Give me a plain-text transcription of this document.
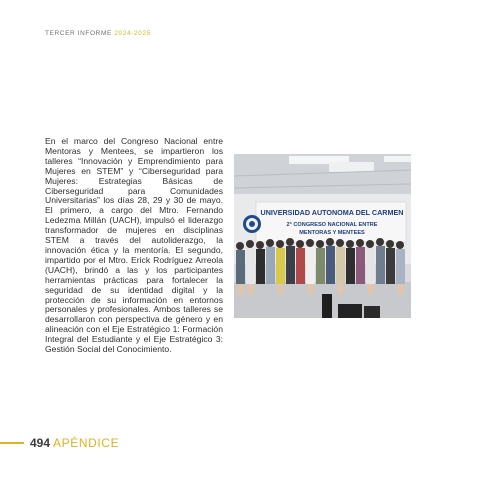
TERCER INFORME 2024-2025

En el marco del Congreso Nacional entre Mentoras y Mentees, se impartieron los talleres “Innovación y Emprendimiento para Mujeres en STEM” y “Ciberseguridad para Mujeres: Estrategias Básicas de Ciberseguridad para Comunidades Universitarias” los días 28, 29 y 30 de mayo. El primero, a cargo del Mtro. Fernando Ledezma Millán (UACH), impulsó el liderazgo transformador de mujeres en disciplinas STEM a través del autoliderazgo, la innovación ética y la mentoría. El segundo, impartido por el Mtro. Erick Rodríguez Arreola (UACH), brindó a las y los participantes herramientas prácticas para fortalecer la seguridad de su identidad digital y la protección de su información en entornos personales y profesionales. Ambos talleres se desarrollaron con perspectiva de género y en alineación con el Eje Estratégico 1: Formación Integral del Estudiante y el Eje Estratégico 3: Gestión Social del Conocimiento.

UNIVERSIDAD AUTONOMA DEL CARMEN
2° CONGRESO NACIONAL ENTRE
MENTORAS Y MENTEES
494 APÉNDICE
